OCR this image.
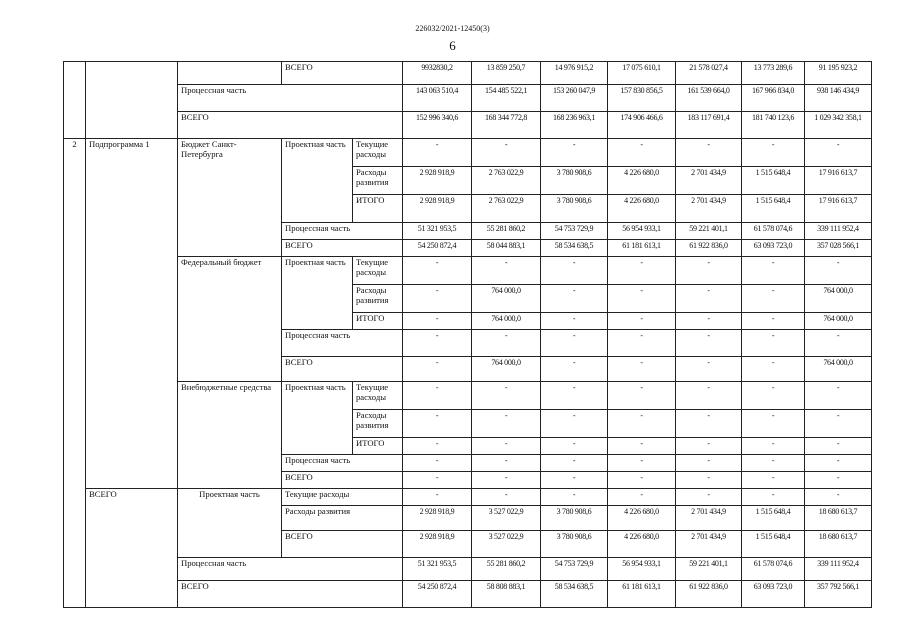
226032/2021-12450(3)
6
			ВСЕГО		9932830,2	13 859 250,7	14 976 915,2	17 075 610,1	21 578 027,4	13 773 289,6	91 195 923,2
		Процессная часть			143 063 510,4	154 485 522,1	153 260 047,9	157 830 856,5	161 539 664,0	167 966 834,0	938 146 434,9
		ВСЕГО			152 996 340,6	168 344 772,8	168 236 963,1	174 906 466,6	183 117 691,4	181 740 123,6	1 029 342 358,1
2	Подпрограмма 1	Бюджет Санкт-Петербурга	Проектная часть	Текущие расходы	-	-	-	-	-	-	-
				Расходы развития	2 928 918,9	2 763 022,9	3 780 908,6	4 226 680,0	2 701 434,9	1 515 648,4	17 916 613,7
				ИТОГО	2 928 918,9	2 763 022,9	3 780 908,6	4 226 680,0	2 701 434,9	1 515 648,4	17 916 613,7
			Процессная часть		51 321 953,5	55 281 860,2	54 753 729,9	56 954 933,1	59 221 401,1	61 578 074,6	339 111 952,4
			ВСЕГО		54 250 872,4	58 044 883,1	58 534 638,5	61 181 613,1	61 922 836,0	63 093 723,0	357 028 566,1
		Федеральный бюджет	Проектная часть	Текущие расходы	-	-	-	-	-	-	-
				Расходы развития	-	764 000,0	-	-	-	-	764 000,0
				ИТОГО	-	764 000,0	-	-	-	-	764 000,0
			Процессная часть		-	-	-	-	-	-	-
			ВСЕГО		-	764 000,0	-	-	-	-	764 000,0
		Внебюджетные средства	Проектная часть	Текущие расходы	-	-	-	-	-	-	-
				Расходы развития	-	-	-	-	-	-	-
				ИТОГО	-	-	-	-	-	-	-
			Процессная часть		-	-	-	-	-	-	-
			ВСЕГО		-	-	-	-	-	-	-
	ВСЕГО	Проектная часть	Текущие расходы		-	-	-	-	-	-	-
			Расходы развития		2 928 918,9	3 527 022,9	3 780 908,6	4 226 680,0	2 701 434,9	1 515 648,4	18 680 613,7
			ВСЕГО		2 928 918,9	3 527 022,9	3 780 908,6	4 226 680,0	2 701 434,9	1 515 648,4	18 680 613,7
		Процессная часть			51 321 953,5	55 281 860,2	54 753 729,9	56 954 933,1	59 221 401,1	61 578 074,6	339 111 952,4
		ВСЕГО			54 250 872,4	58 808 883,1	58 534 638,5	61 181 613,1	61 922 836,0	63 093 723,0	357 792 566,1
